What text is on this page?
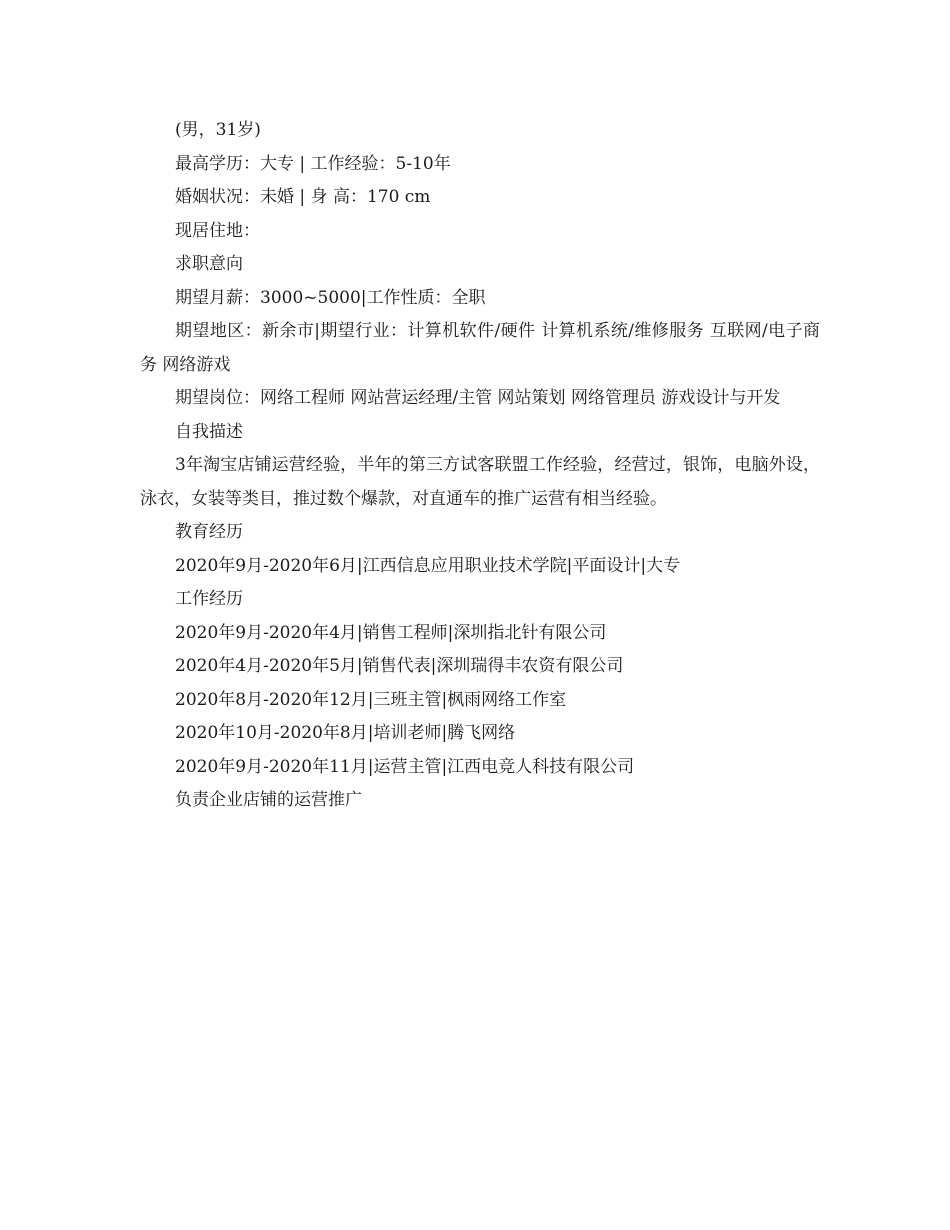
(男，31岁)

最高学历：大专 | 工作经验：5-10年

婚姻状况：未婚 | 身 高：170 cm

现居住地：

求职意向

期望月薪：3000~5000|工作性质：全职

期望地区：新余市|期望行业：计算机软件/硬件 计算机系统/维修服务 互联网/电子商务 网络游戏

期望岗位：网络工程师 网站营运经理/主管 网站策划 网络管理员 游戏设计与开发

自我描述

3年淘宝店铺运营经验，半年的第三方试客联盟工作经验，经营过，银饰，电脑外设，泳衣，女装等类目，推过数个爆款，对直通车的推广运营有相当经验。

教育经历

2020年9月-2020年6月|江西信息应用职业技术学院|平面设计|大专

工作经历

2020年9月-2020年4月|销售工程师|深圳指北针有限公司

2020年4月-2020年5月|销售代表|深圳瑞得丰农资有限公司

2020年8月-2020年12月|三班主管|枫雨网络工作室

2020年10月-2020年8月|培训老师|腾飞网络

2020年9月-2020年11月|运营主管|江西电竞人科技有限公司

负责企业店铺的运营推广
